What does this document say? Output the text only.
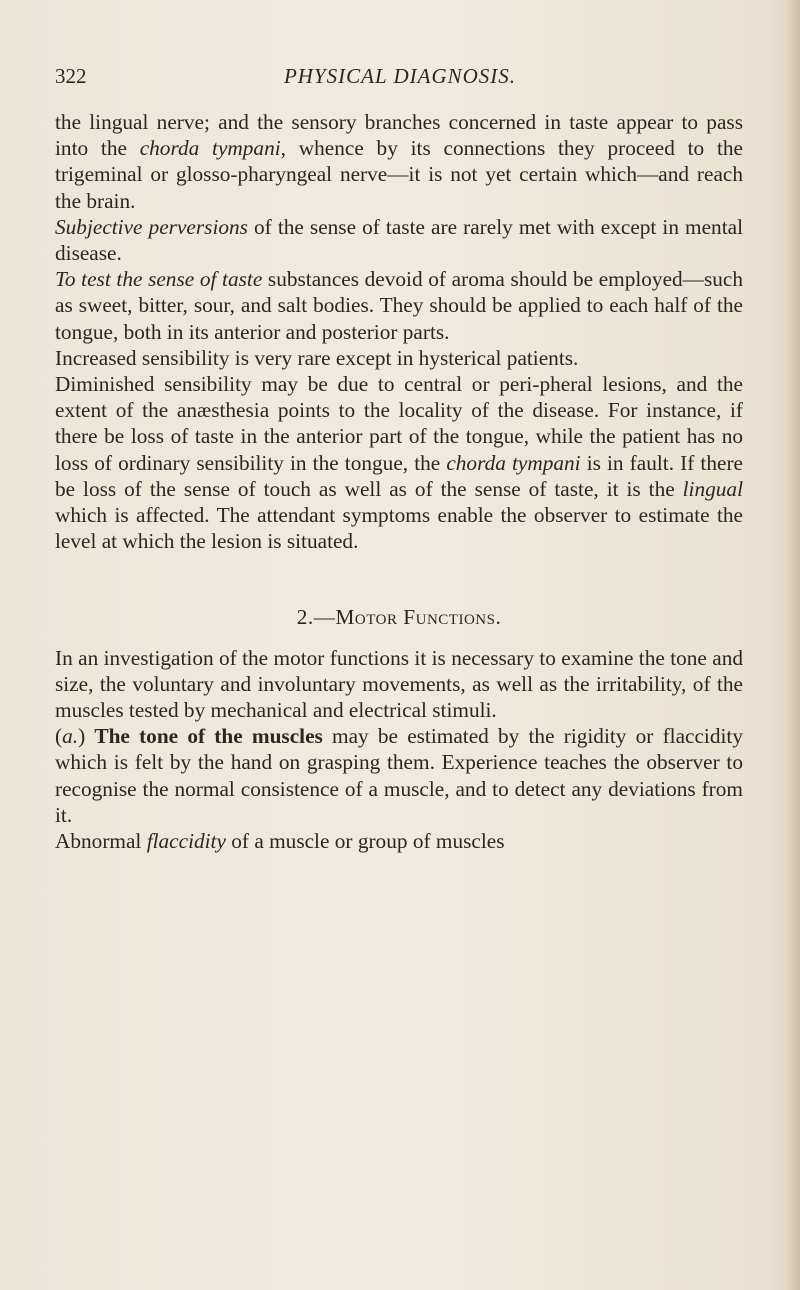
322	PHYSICAL DIAGNOSIS.

the lingual nerve; and the sensory branches concerned in taste appear to pass into the chorda tympani, whence by its connections they proceed to the trigeminal or glosso-pharyngeal nerve—it is not yet certain which—and reach the brain.

Subjective perversions of the sense of taste are rarely met with except in mental disease.

To test the sense of taste substances devoid of aroma should be employed—such as sweet, bitter, sour, and salt bodies. They should be applied to each half of the tongue, both in its anterior and posterior parts.

Increased sensibility is very rare except in hysterical patients.

Diminished sensibility may be due to central or peri-pheral lesions, and the extent of the anæsthesia points to the locality of the disease. For instance, if there be loss of taste in the anterior part of the tongue, while the patient has no loss of ordinary sensibility in the tongue, the chorda tympani is in fault. If there be loss of the sense of touch as well as of the sense of taste, it is the lingual which is affected. The attendant symptoms enable the observer to estimate the level at which the lesion is situated.

2.—Motor Functions.

In an investigation of the motor functions it is necessary to examine the tone and size, the voluntary and involuntary movements, as well as the irritability, of the muscles tested by mechanical and electrical stimuli.

(a.) The tone of the muscles may be estimated by the rigidity or flaccidity which is felt by the hand on grasping them. Experience teaches the observer to recognise the normal consistence of a muscle, and to detect any deviations from it.

Abnormal flaccidity of a muscle or group of muscles
